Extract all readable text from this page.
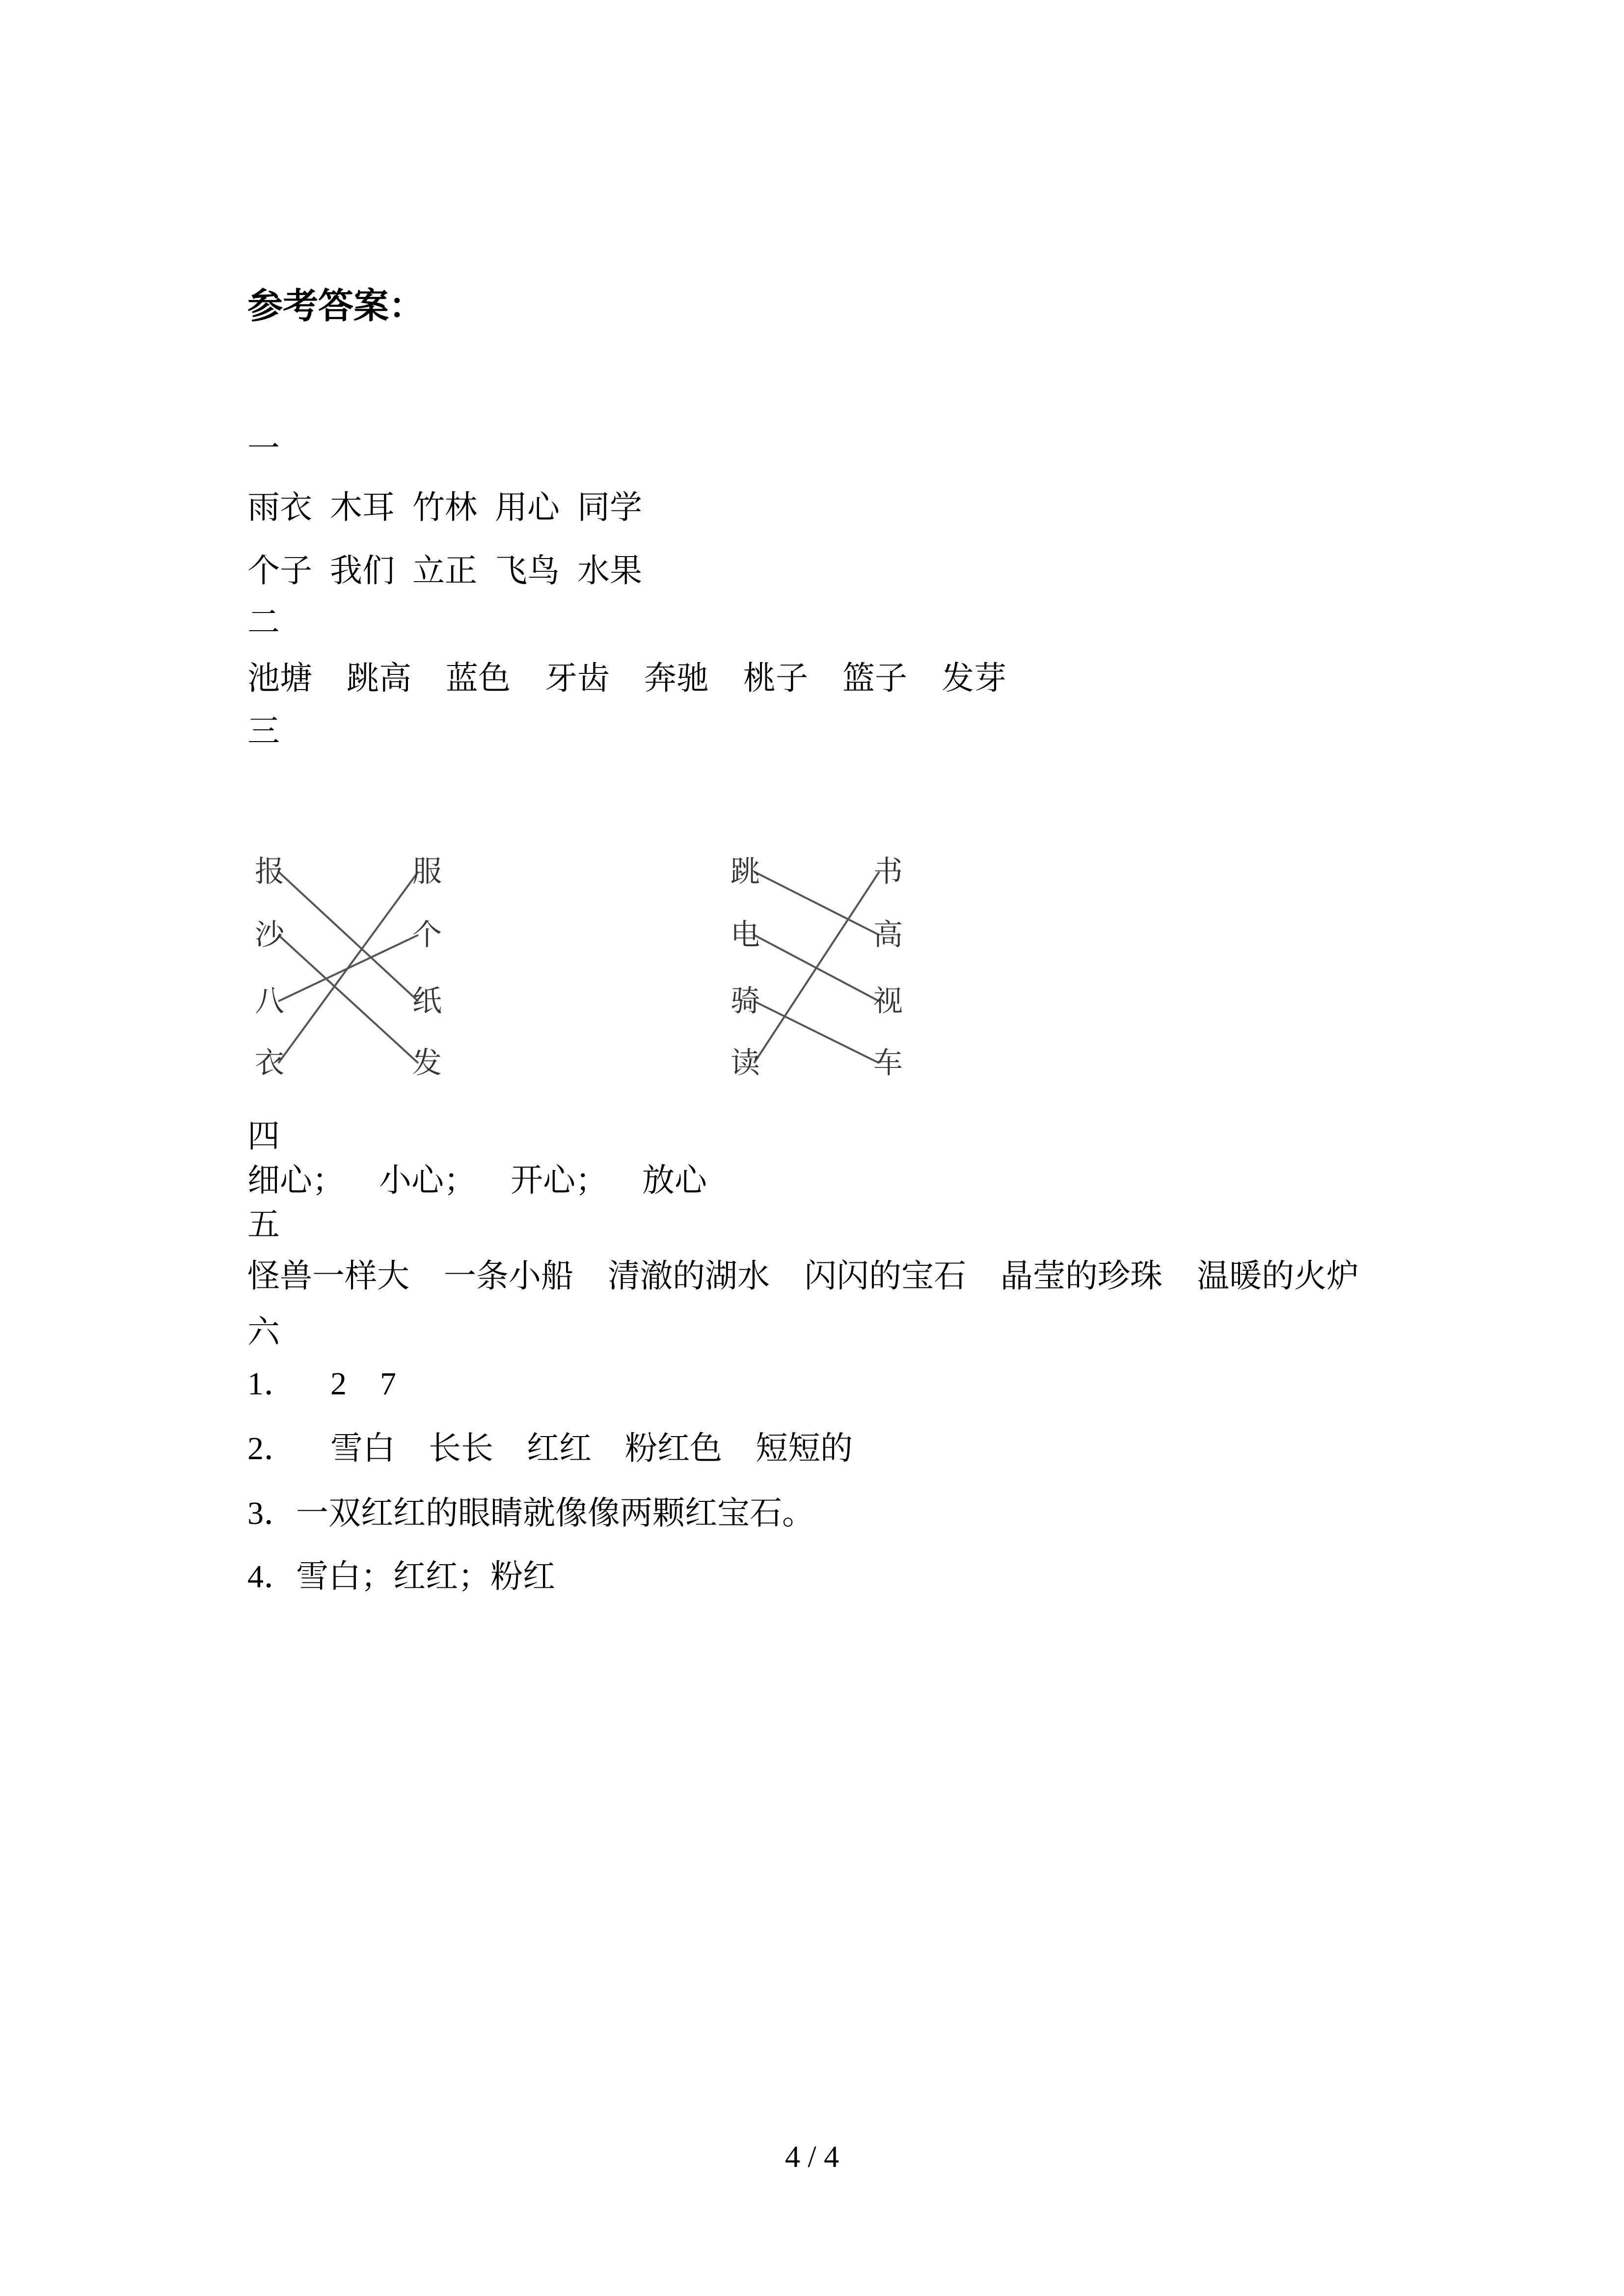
参考答案：
一
雨衣 木耳 竹林 用心 同学
个子 我们 立正 飞鸟 水果
二
池塘 跳高 蓝色 牙齿 奔驰 桃子 篮子 发芽
三
报
沙
八
衣
服
个
纸
发
跳
电
骑
读
书
高
视
车
四
细心； 小心； 开心； 放心
五
怪兽一样大 一条小船 清澈的湖水 闪闪的宝石 晶莹的珍珠 温暖的火炉
六
1． 2 7
2． 雪白 长长 红红 粉红色 短短的
3． 一双红红的眼睛就像像两颗红宝石。
4． 雪白；红红；粉红
4 / 4
